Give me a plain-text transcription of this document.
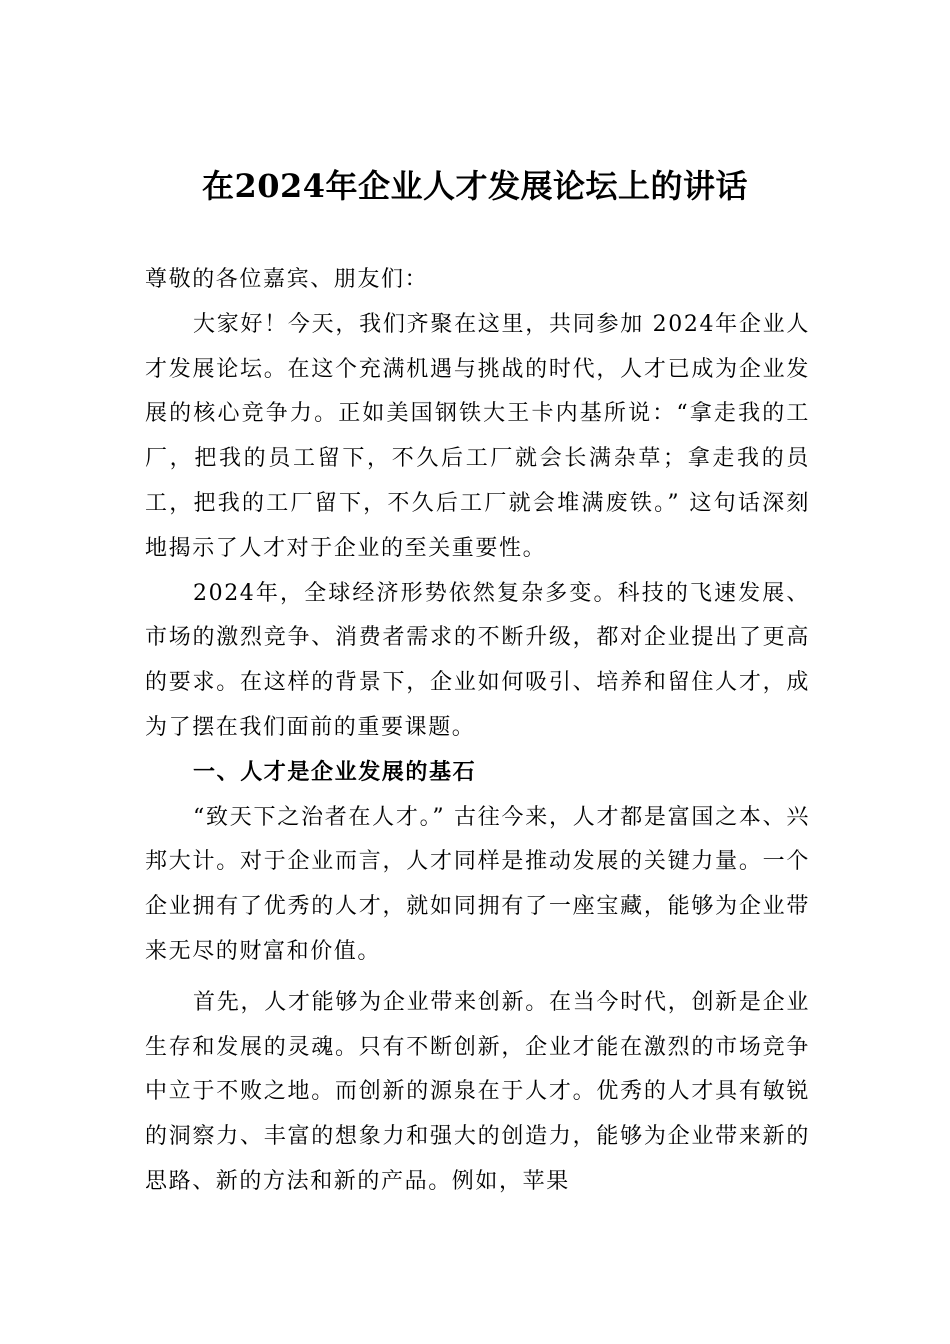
在2024年企业人才发展论坛上的讲话

尊敬的各位嘉宾、朋友们：

大家好！今天，我们齐聚在这里，共同参加 2024年企业人才发展论坛。在这个充满机遇与挑战的时代，人才已成为企业发展的核心竞争力。正如美国钢铁大王卡内基所说：“拿走我的工厂，把我的员工留下，不久后工厂就会长满杂草；拿走我的员工，把我的工厂留下，不久后工厂就会堆满废铁。” 这句话深刻地揭示了人才对于企业的至关重要性。

2024年，全球经济形势依然复杂多变。科技的飞速发展、市场的激烈竞争、消费者需求的不断升级，都对企业提出了更高的要求。在这样的背景下，企业如何吸引、培养和留住人才，成为了摆在我们面前的重要课题。

一、人才是企业发展的基石

“致天下之治者在人才。” 古往今来，人才都是富国之本、兴邦大计。对于企业而言，人才同样是推动发展的关键力量。一个企业拥有了优秀的人才，就如同拥有了一座宝藏，能够为企业带来无尽的财富和价值。

首先，人才能够为企业带来创新。在当今时代，创新是企业生存和发展的灵魂。只有不断创新，企业才能在激烈的市场竞争中立于不败之地。而创新的源泉在于人才。优秀的人才具有敏锐的洞察力、丰富的想象力和强大的创造力，能够为企业带来新的思路、新的方法和新的产品。例如，苹果
